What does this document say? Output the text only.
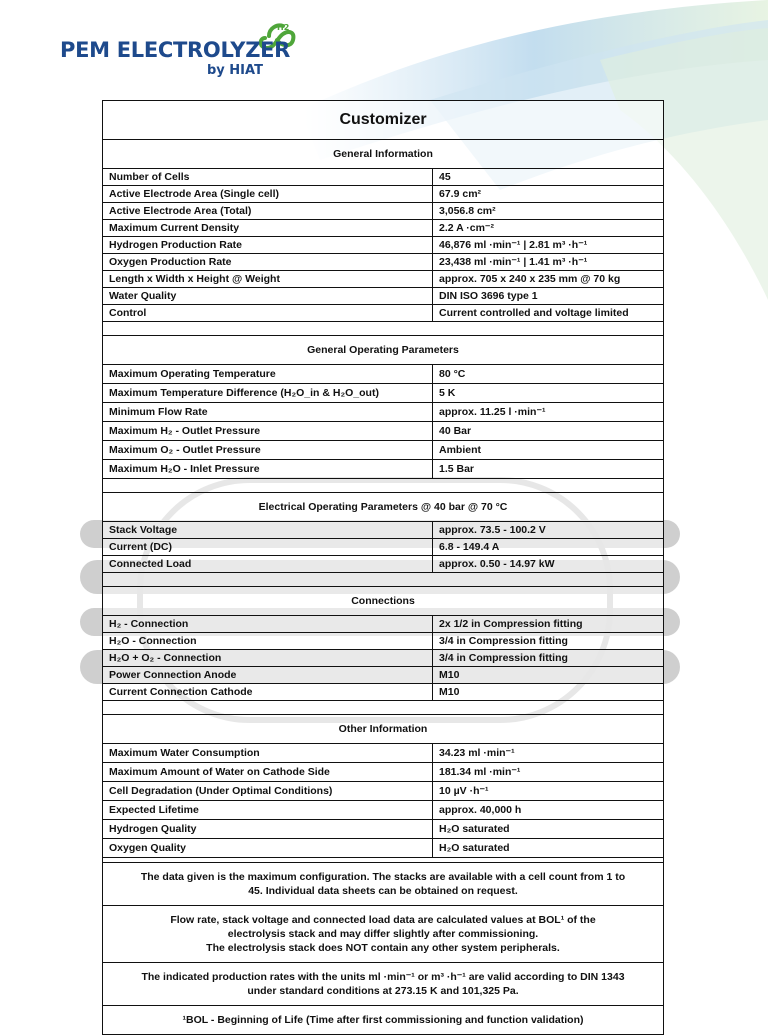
H2
PEM ELECTROLYZER
by HIAT
Customizer
General Information
Number of Cells	45
Active Electrode Area (Single cell)	67.9 cm²
Active Electrode Area (Total)	3,056.8 cm²
Maximum Current Density	2.2 A ·cm⁻²
Hydrogen Production Rate	46,876 ml ·min⁻¹ | 2.81 m³ ·h⁻¹
Oxygen Production Rate	23,438 ml ·min⁻¹ | 1.41 m³ ·h⁻¹
Length x Width x Height @ Weight	approx. 705 x 240 x 235 mm @ 70 kg
Water Quality	DIN ISO 3696 type 1
Control	Current controlled and voltage limited
General Operating Parameters
Maximum Operating Temperature	80 °C
Maximum Temperature Difference (H₂O_in & H₂O_out)	5 K
Minimum Flow Rate	approx. 11.25 l ·min⁻¹
Maximum H₂ - Outlet Pressure	40 Bar
Maximum O₂ - Outlet Pressure	Ambient
Maximum H₂O - Inlet Pressure	1.5 Bar
Electrical Operating Parameters @ 40 bar @ 70 °C
Stack Voltage	approx. 73.5 - 100.2 V
Current (DC)	6.8 - 149.4 A
Connected Load	approx. 0.50 - 14.97 kW
Connections
H₂ - Connection	2x 1/2 in Compression fitting
H₂O - Connection	3/4 in Compression fitting
H₂O + O₂ - Connection	3/4 in Compression fitting
Power Connection Anode	M10
Current Connection Cathode	M10
Other Information
Maximum Water Consumption	34.23 ml ·min⁻¹
Maximum Amount of Water on Cathode Side	181.34 ml ·min⁻¹
Cell Degradation (Under Optimal Conditions)	10 µV ·h⁻¹
Expected Lifetime	approx. 40,000 h
Hydrogen Quality	H₂O saturated
Oxygen Quality	H₂O saturated
The data given is the maximum configuration. The stacks are available with a cell count from 1 to
45. Individual data sheets can be obtained on request.
Flow rate, stack voltage and connected load data are calculated values at BOL¹ of the
electrolysis stack and may differ slightly after commissioning.
The electrolysis stack does NOT contain any other system peripherals.
The indicated production rates with the units ml ·min⁻¹ or m³ ·h⁻¹ are valid according to DIN 1343
under standard conditions at 273.15 K and 101,325 Pa.
¹BOL - Beginning of Life (Time after first commissioning and function validation)
